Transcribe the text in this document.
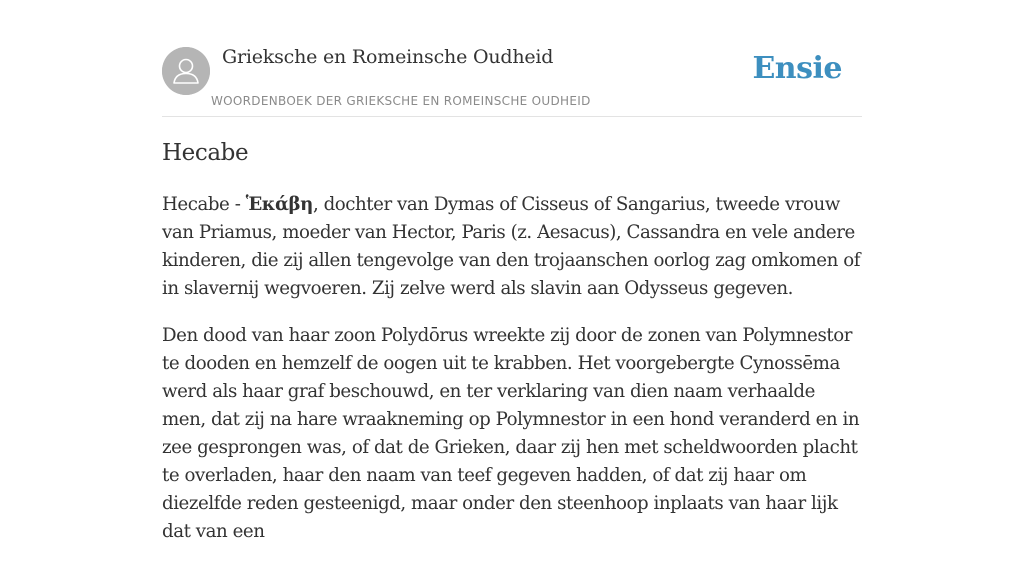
Grieksche en Romeinsche Oudheid
WOORDENBOEK DER GRIEKSCHE EN ROMEINSCHE OUDHEID
Ensie
Hecabe

Hecabe - Ἑκάβη, dochter van Dymas of Cisseus of Sangarius, tweede vrouw van Priamus, moeder van Hector, Paris (z. Aesacus), Cassandra en vele andere kinderen, die zij allen tengevolge van den trojaanschen oorlog zag omkomen of in slavernij wegvoeren. Zij zelve werd als slavin aan Odysseus gegeven.

Den dood van haar zoon Polydōrus wreekte zij door de zonen van Polymnestor te dooden en hemzelf de oogen uit te krabben. Het voorgebergte Cynossēma werd als haar graf beschouwd, en ter verklaring van dien naam verhaalde men, dat zij na hare wraakneming op Polymnestor in een hond veranderd en in zee gesprongen was, of dat de Grieken, daar zij hen met scheldwoorden placht te overladen, haar den naam van teef gegeven hadden, of dat zij haar om diezelfde reden gesteenigd, maar onder den steenhoop inplaats van haar lijk dat van een
